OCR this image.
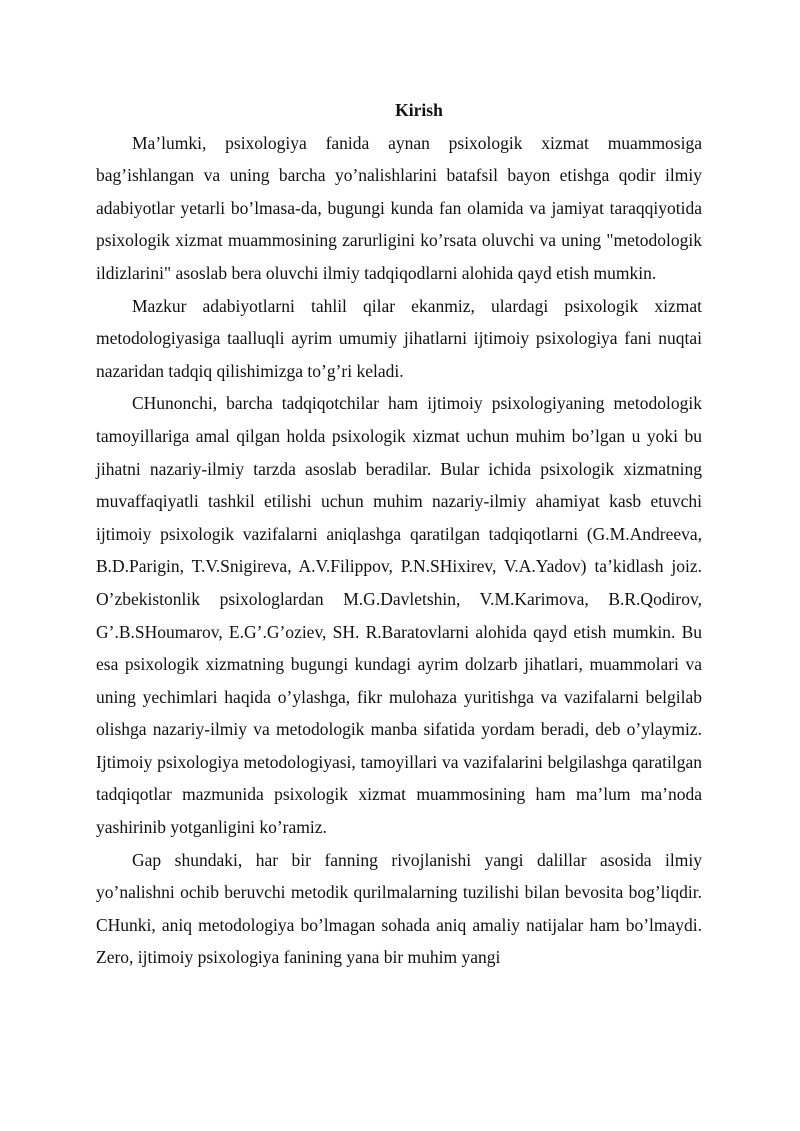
Kirish

Ma’lumki, psixologiya fanida aynan psixologik xizmat muammosiga bag’ishlangan va uning barcha yo’nalishlarini batafsil bayon etishga qodir ilmiy adabiyotlar yetarli bo’lmasa-da, bugungi kunda fan olamida va jamiyat taraqqiyotida psixologik xizmat muammosining zarurligini ko’rsata oluvchi va uning "metodologik ildizlarini" asoslab bera oluvchi ilmiy tadqiqodlarni alohida qayd etish mumkin.

Mazkur adabiyotlarni tahlil qilar ekanmiz, ulardagi psixologik xizmat metodologiyasiga taalluqli ayrim umumiy jihatlarni ijtimoiy psixologiya fani nuqtai nazaridan tadqiq qilishimizga to’g’ri keladi.

CHunonchi, barcha tadqiqotchilar ham ijtimoiy psixologiyaning metodologik tamoyillariga amal qilgan holda psixologik xizmat uchun muhim bo’lgan u yoki bu jihatni nazariy-ilmiy tarzda asoslab beradilar. Bular ichida psixologik xizmatning muvaffaqiyatli tashkil etilishi uchun muhim nazariy-ilmiy ahamiyat kasb etuvchi ijtimoiy psixologik vazifalarni aniqlashga qaratilgan tadqiqotlarni (G.M.Andreeva, B.D.Parigin, T.V.Snigireva, A.V.Filippov, P.N.SHixirev, V.A.Yadov) ta’kidlash joiz. O’zbekistonlik psixologlardan M.G.Davletshin, V.M.Karimova, B.R.Qodirov, G’.B.SHoumarov, E.G’.G’oziev, SH. R.Baratovlarni alohida qayd etish mumkin. Bu esa psixologik xizmatning bugungi kundagi ayrim dolzarb jihatlari, muammolari va uning yechimlari haqida o’ylashga, fikr mulohaza yuritishga va vazifalarni belgilab olishga nazariy-ilmiy va metodologik manba sifatida yordam beradi, deb o’ylaymiz. Ijtimoiy psixologiya metodologiyasi, tamoyillari va vazifalarini belgilashga qaratilgan tadqiqotlar mazmunida psixologik xizmat muammosining ham ma’lum ma’noda yashirinib yotganligini ko’ramiz.

Gap shundaki, har bir fanning rivojlanishi yangi dalillar asosida ilmiy yo’nalishni ochib beruvchi metodik qurilmalarning tuzilishi bilan bevosita bog’liqdir. CHunki, aniq metodologiya bo’lmagan sohada aniq amaliy natijalar ham bo’lmaydi. Zero, ijtimoiy psixologiya fanining yana bir muhim yangi
